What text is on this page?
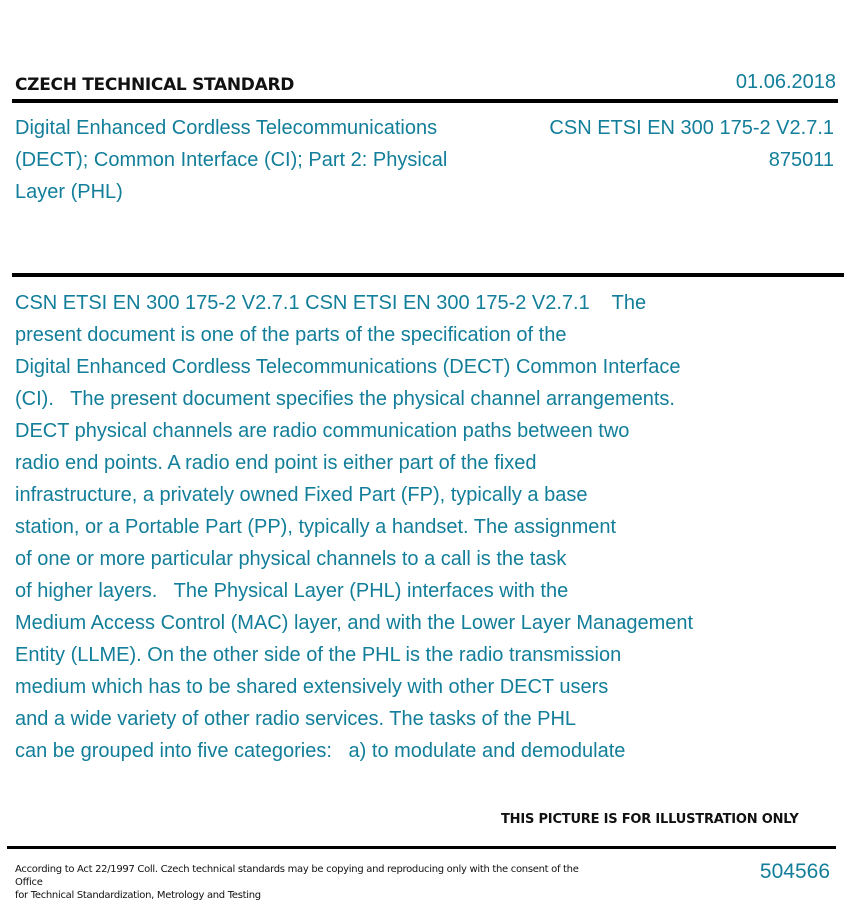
CZECH TECHNICAL STANDARD	01.06.2018
Digital Enhanced Cordless Telecommunications (DECT); Common Interface (CI); Part 2: Physical Layer (PHL)
CSN ETSI EN 300 175-2 V2.7.1
875011
CSN ETSI EN 300 175-2 V2.7.1 CSN ETSI EN 300 175-2 V2.7.1    The
present document is one of the parts of the specification of the
Digital Enhanced Cordless Telecommunications (DECT) Common Interface
(CI).   The present document specifies the physical channel arrangements.
DECT physical channels are radio communication paths between two
radio end points. A radio end point is either part of the fixed
infrastructure, a privately owned Fixed Part (FP), typically a base
station, or a Portable Part (PP), typically a handset. The assignment
of one or more particular physical channels to a call is the task
of higher layers.   The Physical Layer (PHL) interfaces with the
Medium Access Control (MAC) layer, and with the Lower Layer Management
Entity (LLME). On the other side of the PHL is the radio transmission
medium which has to be shared extensively with other DECT users
and a wide variety of other radio services. The tasks of the PHL
can be grouped into five categories:   a) to modulate and demodulate
THIS PICTURE IS FOR ILLUSTRATION ONLY
According to Act 22/1997 Coll. Czech technical standards may be copying and reproducing only with the consent of the Office
for Technical Standardization, Metrology and Testing
504566
